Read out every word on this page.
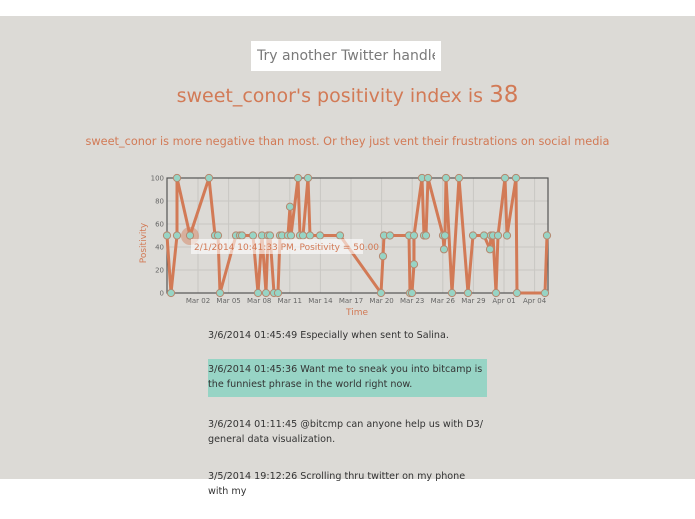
Try another Twitter handle
sweet_conor's positivity index is 38
sweet_conor is more negative than most. Or they just vent their frustrations on social media
3/6/2014 01:45:49 Especially when sent to Salina.
3/6/2014 01:45:36 Want me to sneak you into bitcamp is the funniest phrase in the world right now.
3/6/2014 01:11:45 @bitcmp can anyone help us with D3/ general data visualization.
3/5/2014 19:12:26 Scrolling thru twitter on my phone with my
0
20
40
60
80
100
Mar 02 Mar 05 Mar 08 Mar 11 Mar 14 Mar 17 Mar 20 Mar 23 Mar 26 Mar 29 Apr 01 Apr 04
2/1/2014 10:41:33 PM, Positivity = 50.00
Time
Positivity
